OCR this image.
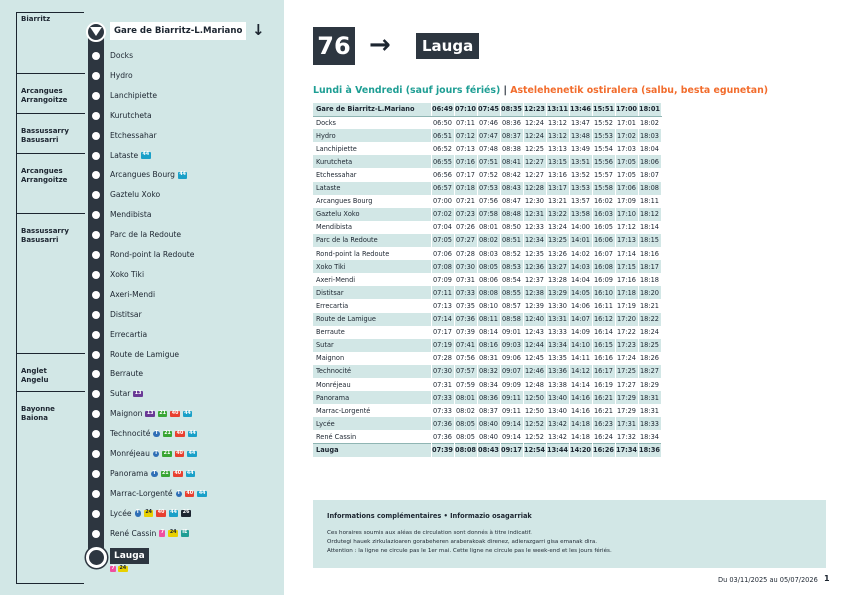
Biarritz
Arcangues
Arrangoitze
Bassussarry
Basusarri
Arcangues
Arrangoitze
Bassussarry
Basusarri
Anglet
Angelu
Bayonne
Baiona
Docks
Hydro
Lanchipiette
Kurutcheta
Etchessahar
Lataste 44
Arcangues Bourg 44
Gaztelu Xoko
Mendibista
Parc de la Redoute
Rond-point la Redoute
Xoko Tiki
Axeri-Mendi
Distitsar
Errecartia
Route de Lamigue
Berraute
Sutar 13
Maignon 13 21 40 44
Technocité T	21 40 44
Monréjeau T	21 40 44
Panorama T	21 40 44
Marrac-Lorgenté T	40 44
Lycée T	24 40 44 26
René Cassin 7 24 IE
Gare de Biarritz-L.Mariano ↓
Lauga
7 24
76 →	Lauga
Lundi à Vendredi (sauf jours fériés) | Astelehenetik ostiralera (salbu, besta egunetan)
Gare de Biarritz-L.Mariano	06:49	07:10	07:45	08:35	12:23	13:11	13:46	15:51	17:00	18:01
Docks	06:50	07:11	07:46	08:36	12:24	13:12	13:47	15:52	17:01	18:02
Hydro	06:51	07:12	07:47	08:37	12:24	13:12	13:48	15:53	17:02	18:03
Lanchipiette	06:52	07:13	07:48	08:38	12:25	13:13	13:49	15:54	17:03	18:04
Kurutcheta	06:55	07:16	07:51	08:41	12:27	13:15	13:51	15:56	17:05	18:06
Etchessahar	06:56	07:17	07:52	08:42	12:27	13:16	13:52	15:57	17:05	18:07
Lataste	06:57	07:18	07:53	08:43	12:28	13:17	13:53	15:58	17:06	18:08
Arcangues Bourg	07:00	07:21	07:56	08:47	12:30	13:21	13:57	16:02	17:09	18:11
Gaztelu Xoko	07:02	07:23	07:58	08:48	12:31	13:22	13:58	16:03	17:10	18:12
Mendibista	07:04	07:26	08:01	08:50	12:33	13:24	14:00	16:05	17:12	18:14
Parc de la Redoute	07:05	07:27	08:02	08:51	12:34	13:25	14:01	16:06	17:13	18:15
Rond-point la Redoute	07:06	07:28	08:03	08:52	12:35	13:26	14:02	16:07	17:14	18:16
Xoko Tiki	07:08	07:30	08:05	08:53	12:36	13:27	14:03	16:08	17:15	18:17
Axeri-Mendi	07:09	07:31	08:06	08:54	12:37	13:28	14:04	16:09	17:16	18:18
Distitsar	07:11	07:33	08:08	08:55	12:38	13:29	14:05	16:10	17:18	18:20
Errecartia	07:13	07:35	08:10	08:57	12:39	13:30	14:06	16:11	17:19	18:21
Route de Lamigue	07:14	07:36	08:11	08:58	12:40	13:31	14:07	16:12	17:20	18:22
Berraute	07:17	07:39	08:14	09:01	12:43	13:33	14:09	16:14	17:22	18:24
Sutar	07:19	07:41	08:16	09:03	12:44	13:34	14:10	16:15	17:23	18:25
Maignon	07:28	07:56	08:31	09:06	12:45	13:35	14:11	16:16	17:24	18:26
Technocité	07:30	07:57	08:32	09:07	12:46	13:36	14:12	16:17	17:25	18:27
Monréjeau	07:31	07:59	08:34	09:09	12:48	13:38	14:14	16:19	17:27	18:29
Panorama	07:33	08:01	08:36	09:11	12:50	13:40	14:16	16:21	17:29	18:31
Marrac-Lorgenté	07:33	08:02	08:37	09:11	12:50	13:40	14:16	16:21	17:29	18:31
Lycée	07:36	08:05	08:40	09:14	12:52	13:42	14:18	16:23	17:31	18:33
René Cassin	07:36	08:05	08:40	09:14	12:52	13:42	14:18	16:24	17:32	18:34
Lauga	07:39	08:08	08:43	09:17	12:54	13:44	14:20	16:26	17:34	18:36
Informations complémentaires • Informazio osagarriak
Ces horaires soumis aux aléas de circulation sont donnés à titre indicatif.
Ordutegi hauek zirkulazioaren gorabeheren araberakoak direnez, adierazgarri gisa emanak dira.
Attention : la ligne ne circule pas le 1er mai. Cette ligne ne circule pas le week-end et les jours fériés.
Du 03/11/2025 au 05/07/2026 1
